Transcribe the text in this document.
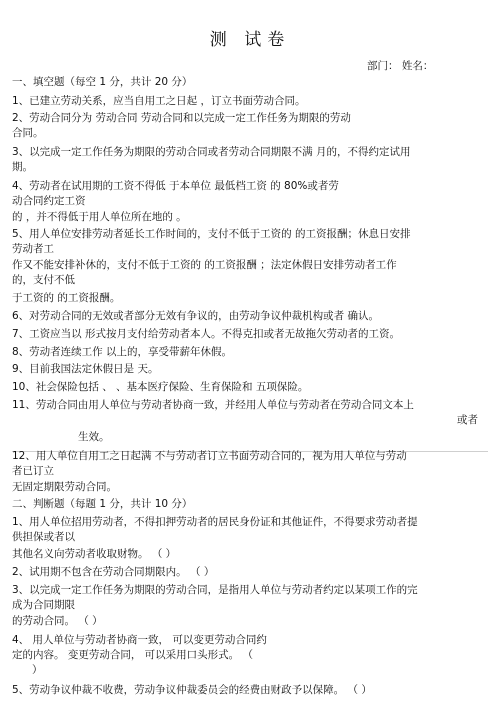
测 试卷
部门： 姓名：
一、填空题（每空 1 分，共计 20 分）
1、已建立劳动关系，应当自用工之日起 ，订立书面劳动合同。
2、劳动合同分为 劳动合同 劳动合同和以完成一定工作任务为期限的劳动
合同。
3、以完成一定工作任务为期限的劳动合同或者劳动合同期限不满 月的，不得约定试用
期。
4、劳动者在试用期的工资不得低 于本单位 最低档工资 的 80%或者劳
动合同约定工资
的 ，并不得低于用人单位所在地的 。
5、用人单位安排劳动者延长工作时间的，支付不低于工资的 的工资报酬；休息日安排
劳动者工
作又不能安排补休的，支付不低于工资的 的工资报酬 ；法定休假日安排劳动者工作
的，支付不低
于工资的 的工资报酬。
6、对劳动合同的无效或者部分无效有争议的，由劳动争议仲裁机构或者 确认。
7、工资应当以 形式按月支付给劳动者本人。不得克扣或者无故拖欠劳动者的工资。
8、劳动者连续工作 以上的，享受带薪年休假。
9、目前我国法定休假日是 天。
10、社会保险包括 、 、基本医疗保险、生育保险和 五项保险。
11、劳动合同由用人单位与劳动者协商一致，并经用人单位与劳动者在劳动合同文本上
或者
生效。
12、用人单位自用工之日起满 不与劳动者订立书面劳动合同的，视为用人单位与劳动
者已订立
无固定期限劳动合同。
二、判断题（每题 1 分，共计 10 分）
1、用人单位招用劳动者，不得扣押劳动者的居民身份证和其他证件，不得要求劳动者提
供担保或者以
其他名义向劳动者收取财物。 （ ）
2、试用期不包含在劳动合同期限内。 （ ）
3、以完成一定工作任务为期限的劳动合同，是指用人单位与劳动者约定以某项工作的完
成为合同期限
的劳动合同。 （ ）
4、 用人单位与劳动者协商一致， 可以变更劳动合同约
定的内容。 变更劳动合同， 可以采用口头形式。 （
）
5、劳动争议仲裁不收费，劳动争议仲裁委员会的经费由财政予以保障。 （ ）
